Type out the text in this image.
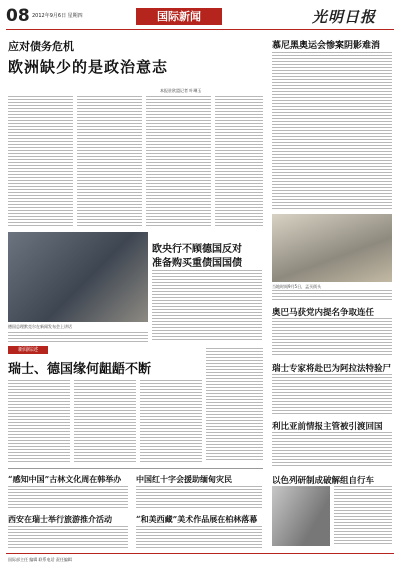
08 2012年9月6日 星期四	国际新闻	光明日报
应对债务危机
欧洲缺少的是政治意志
本报驻欧盟记者 叶琳玉
德国总理默克尔在新闻发布会上讲话
欧央行不顾德国反对
准备购买重债国国债
新闻综述
瑞士、德国缘何龃龉不断
慕尼黑奥运会惨案阴影难消
当地时间9月5日，孟买街头
奥巴马获党内提名争取连任
瑞士专家将赴巴为阿拉法特验尸
利比亚前情报主管被引渡回国
以色列研制成破解组自行车
“感知中国”古林文化周在韩举办 中国红十字会援助缅甸灾民
西安在瑞士举行旅游推介活动	“和美西藏”美术作品展在柏林落幕
国际部主任 编辑 联系电话 责任编辑
